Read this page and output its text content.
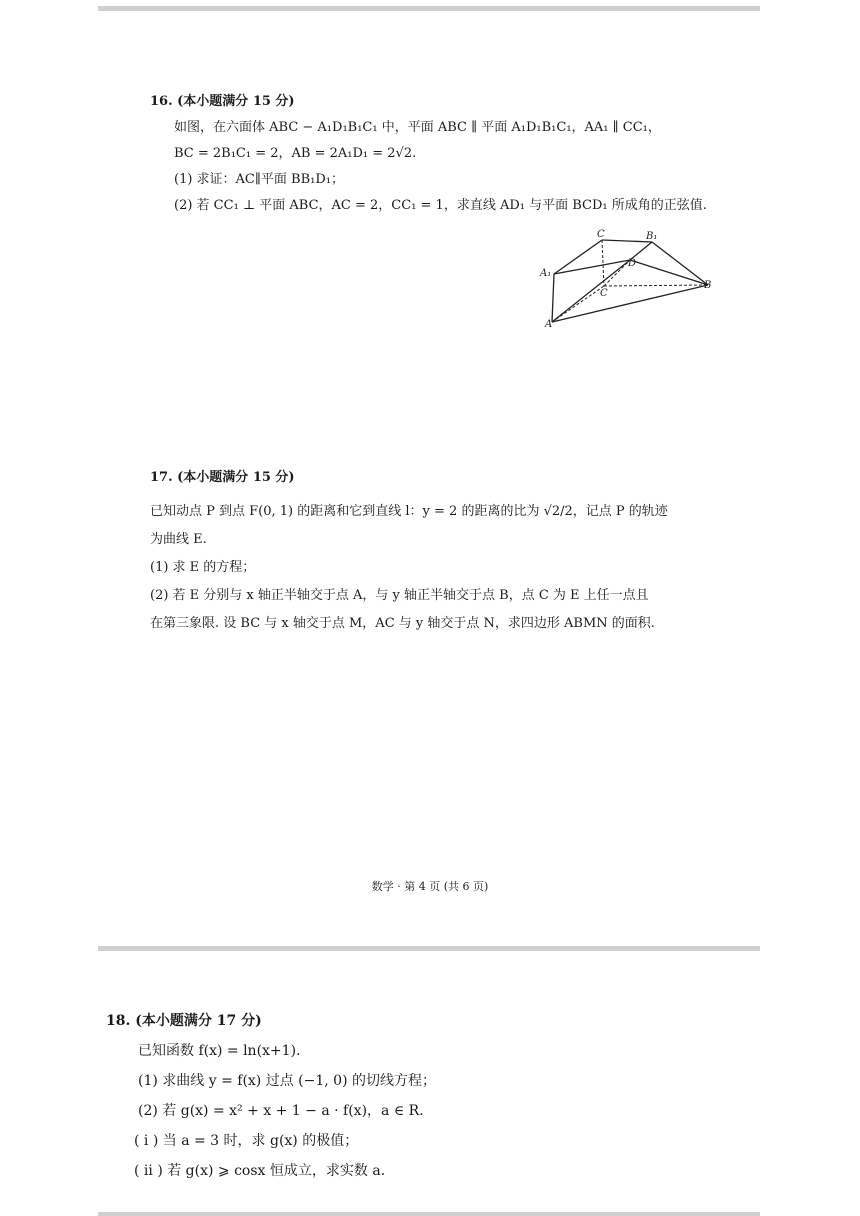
16. (本小题满分 15 分)
如图，在六面体 ABC − A₁D₁B₁C₁ 中，平面 ABC ∥ 平面 A₁D₁B₁C₁，AA₁ ∥ CC₁，
BC = 2B₁C₁ = 2，AB = 2A₁D₁ = 2√2.
(1) 求证：AC∥平面 BB₁D₁；
(2) 若 CC₁ ⊥ 平面 ABC，AC = 2，CC₁ = 1，求直线 AD₁ 与平面 BCD₁ 所成角的正弦值.
C	B₁
D
A₁
B
C
A
17. (本小题满分 15 分)
已知动点 P 到点 F(0, 1) 的距离和它到直线 l：y = 2 的距离的比为 √2/2，记点 P 的轨迹
为曲线 E.
(1) 求 E 的方程；
(2) 若 E 分别与 x 轴正半轴交于点 A，与 y 轴正半轴交于点 B，点 C 为 E 上任一点且
在第三象限. 设 BC 与 x 轴交于点 M，AC 与 y 轴交于点 N，求四边形 ABMN 的面积.
数学 · 第 4 页 (共 6 页)
18. (本小题满分 17 分)
已知函数 f(x) = ln(x+1).
(1) 求曲线 y = f(x) 过点 (−1, 0) 的切线方程；
(2) 若 g(x) = x² + x + 1 − a · f(x)，a ∈ R.
( ⅰ ) 当 a = 3 时，求 g(x) 的极值；
( ⅱ ) 若 g(x) ⩾ cosx 恒成立，求实数 a.
